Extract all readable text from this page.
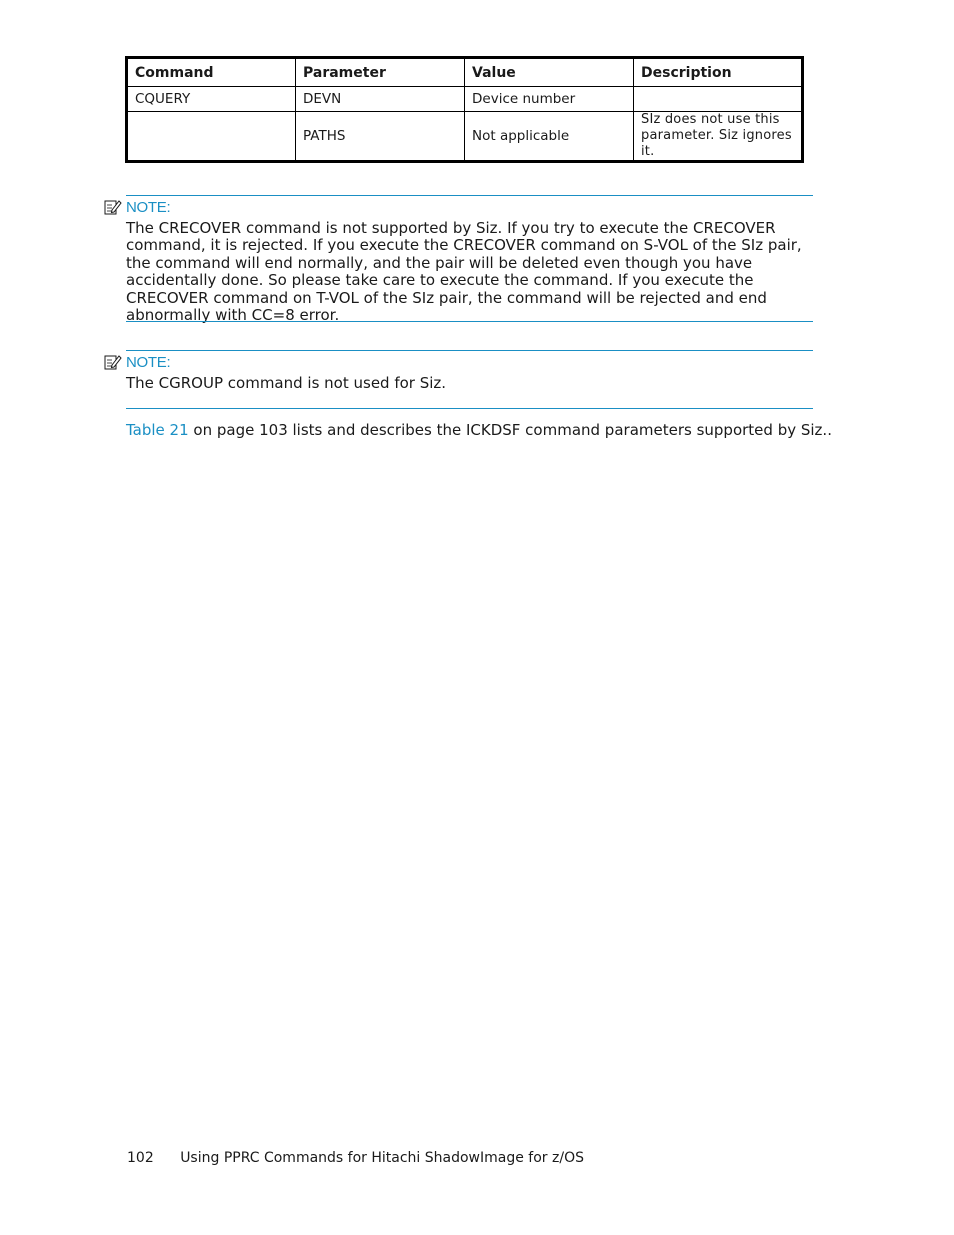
Command	Parameter	Value	Description
CQUERY	DEVN	Device number	
	PATHS	Not applicable	SIz does not use this parameter. Siz ignores it.
NOTE:
The CRECOVER command is not supported by Siz. If you try to execute the CRECOVER command, it is rejected. If you execute the CRECOVER command on S-VOL of the SIz pair, the command will end normally, and the pair will be deleted even though you have accidentally done. So please take care to execute the command. If you execute the CRECOVER command on T-VOL of the SIz pair, the command will be rejected and end abnormally with CC=8 error.
NOTE:
The CGROUP command is not used for Siz.
Table 21 on page 103 lists and describes the ICKDSF command parameters supported by Siz..
102 Using PPRC Commands for Hitachi ShadowImage for z/OS
